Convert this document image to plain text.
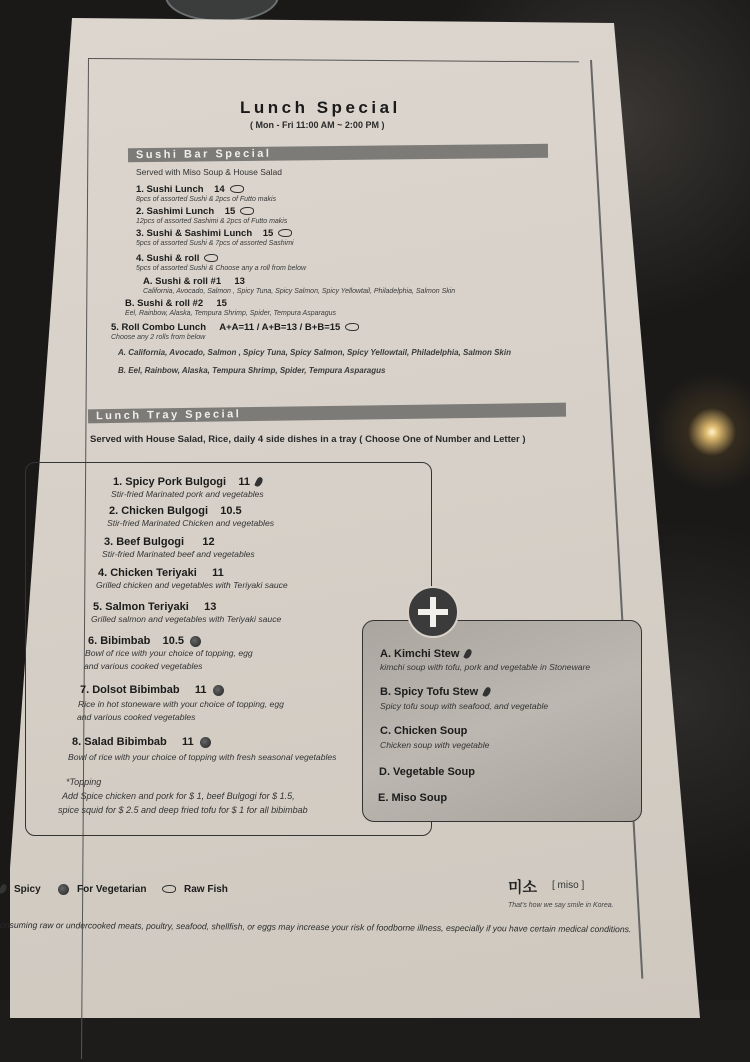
Lunch Special
( Mon - Fri 11:00 AM ~ 2:00 PM )
Sushi Bar Special
Served with Miso Soup & House Salad
1. Sushi Lunch 14
8pcs of assorted Sushi & 2pcs of Futto makis
2. Sashimi Lunch 15
12pcs of assorted Sashimi & 2pcs of Futto makis
3. Sushi & Sashimi Lunch 15
5pcs of assorted Sushi & 7pcs of assorted Sashimi
4. Sushi & roll
5pcs of assorted Sushi & Choose any a roll from below
A. Sushi & roll #1 13
California, Avocado, Salmon , Spicy Tuna, Spicy Salmon, Spicy Yellowtail, Philadelphia, Salmon Skin
B. Sushi & roll #2 15
Eel, Rainbow, Alaska, Tempura Shrimp, Spider, Tempura Asparagus
5. Roll Combo Lunch A+A=11 / A+B=13 / B+B=15
Choose any 2 rolls from below
A. California, Avocado, Salmon , Spicy Tuna, Spicy Salmon, Spicy Yellowtail, Philadelphia, Salmon Skin
B. Eel, Rainbow, Alaska, Tempura Shrimp, Spider, Tempura Asparagus
Lunch Tray Special
Served with House Salad, Rice, daily 4 side dishes in a tray ( Choose One of Number and Letter )
1. Spicy Pork Bulgogi 11
Stir-fried Marinated pork and vegetables
2. Chicken Bulgogi 10.5
Stir-fried Marinated Chicken and vegetables
3. Beef Bulgogi 12
Stir-fried Marinated beef and vegetables
4. Chicken Teriyaki 11
Grilled chicken and vegetables with Teriyaki sauce
5. Salmon Teriyaki 13
Grilled salmon and vegetables with Teriyaki sauce
6. Bibimbab 10.5
Bowl of rice with your choice of topping, egg
and various cooked vegetables
7. Dolsot Bibimbab 11
Rice in hot stoneware with your choice of topping, egg
and various cooked vegetables
8. Salad Bibimbab 11
Bowl of rice with your choice of topping with fresh seasonal vegetables
*Topping
Add Spice chicken and pork for $ 1, beef Bulgogi for $ 1.5,
spice squid for $ 2.5 and deep fried tofu for $ 1 for all bibimbab
A. Kimchi Stew
kimchi soup with tofu, pork and vegetable in Stoneware
B. Spicy Tofu Stew
Spicy tofu soup with seafood, and vegetable
C. Chicken Soup
Chicken soup with vegetable
D. Vegetable Soup
E. Miso Soup
Spicy	For Vegetarian	Raw Fish	미소 [ miso ]
That's how we say smile in Korea.
onsuming raw or undercooked meats, poultry, seafood, shellfish, or eggs may increase your risk of foodborne illness, especially if you have certain medical conditions.
